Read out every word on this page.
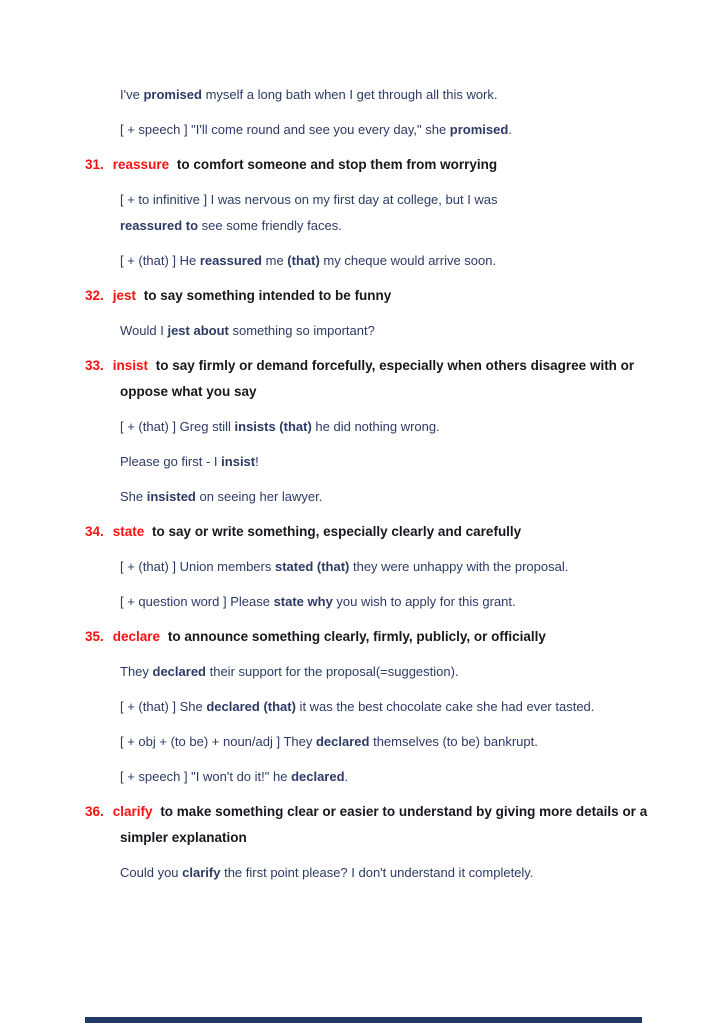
I've promised myself a long bath when I get through all this work.

[ + speech ] "I'll come round and see you every day," she promised.

31. reassure to comfort someone and stop them from worrying

[ + to infinitive ] I was nervous on my first day at college, but I was
reassured to see some friendly faces.

[ + (that) ] He reassured me (that) my cheque would arrive soon.

32. jest to say something intended to be funny

Would I jest about something so important?

33. insist to say firmly or demand forcefully, especially when others disagree with or oppose what you say

[ + (that) ] Greg still insists (that) he did nothing wrong.

Please go first - I insist!

She insisted on seeing her lawyer.

34. state to say or write something, especially clearly and carefully

[ + (that) ] Union members stated (that) they were unhappy with the proposal.

[ + question word ] Please state why you wish to apply for this grant.

35. declare to announce something clearly, firmly, publicly, or officially

They declared their support for the proposal(=suggestion).

[ + (that) ] She declared (that) it was the best chocolate cake she had ever tasted.

[ + obj + (to be) + noun/adj ] They declared themselves (to be) bankrupt.

[ + speech ] "I won't do it!" he declared.

36. clarify to make something clear or easier to understand by giving more details or a simpler explanation

Could you clarify the first point please? I don't understand it completely.
